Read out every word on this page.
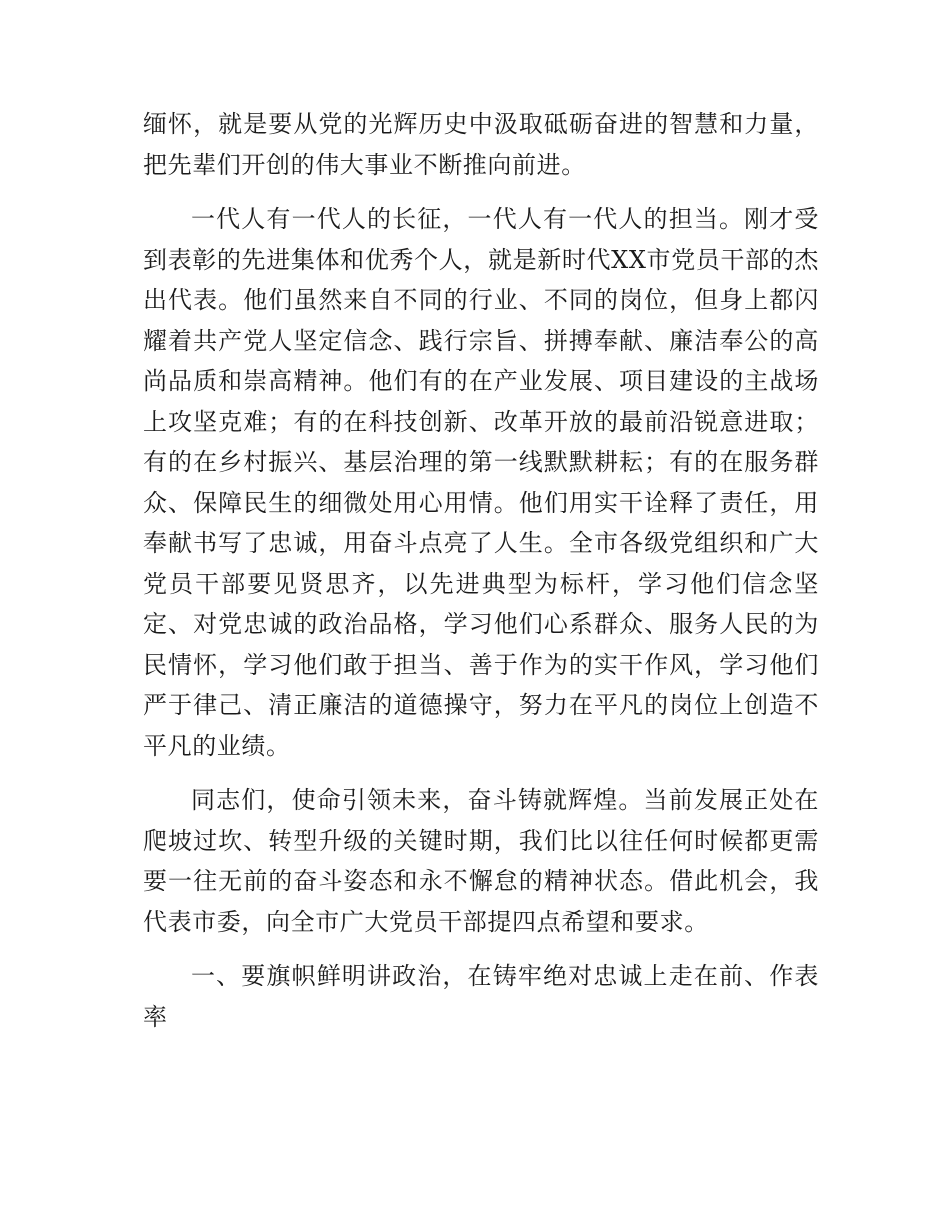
缅怀，就是要从党的光辉历史中汲取砥砺奋进的智慧和力量，把先辈们开创的伟大事业不断推向前进。

一代人有一代人的长征，一代人有一代人的担当。刚才受到表彰的先进集体和优秀个人，就是新时代XX市党员干部的杰出代表。他们虽然来自不同的行业、不同的岗位，但身上都闪耀着共产党人坚定信念、践行宗旨、拼搏奉献、廉洁奉公的高尚品质和崇高精神。他们有的在产业发展、项目建设的主战场上攻坚克难；有的在科技创新、改革开放的最前沿锐意进取；有的在乡村振兴、基层治理的第一线默默耕耘；有的在服务群众、保障民生的细微处用心用情。他们用实干诠释了责任，用奉献书写了忠诚，用奋斗点亮了人生。全市各级党组织和广大党员干部要见贤思齐，以先进典型为标杆，学习他们信念坚定、对党忠诚的政治品格，学习他们心系群众、服务人民的为民情怀，学习他们敢于担当、善于作为的实干作风，学习他们严于律己、清正廉洁的道德操守，努力在平凡的岗位上创造不平凡的业绩。

同志们，使命引领未来，奋斗铸就辉煌。当前发展正处在爬坡过坎、转型升级的关键时期，我们比以往任何时候都更需要一往无前的奋斗姿态和永不懈怠的精神状态。借此机会，我代表市委，向全市广大党员干部提四点希望和要求。

一、要旗帜鲜明讲政治，在铸牢绝对忠诚上走在前、作表率
